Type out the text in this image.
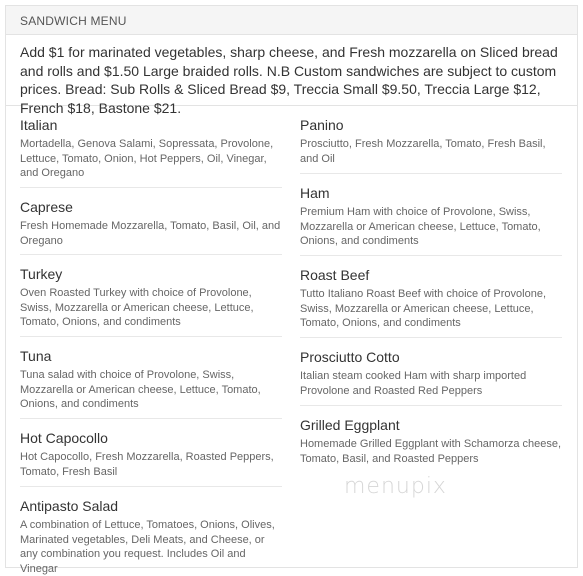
SANDWICH MENU
Add $1 for marinated vegetables, sharp cheese, and Fresh mozzarella on Sliced bread and rolls and $1.50 Large braided rolls. N.B Custom sandwiches are subject to custom prices. Bread: Sub Rolls & Sliced Bread $9, Treccia Small $9.50, Treccia Large $12, French $18, Bastone $21.
Italian
Mortadella, Genova Salami, Sopressata, Provolone, Lettuce, Tomato, Onion, Hot Peppers, Oil, Vinegar, and Oregano
Caprese
Fresh Homemade Mozzarella, Tomato, Basil, Oil, and Oregano
Turkey
Oven Roasted Turkey with choice of Provolone, Swiss, Mozzarella or American cheese, Lettuce, Tomato, Onions, and condiments
Tuna
Tuna salad with choice of Provolone, Swiss, Mozzarella or American cheese, Lettuce, Tomato, Onions, and condiments
Hot Capocollo
Hot Capocollo, Fresh Mozzarella, Roasted Peppers, Tomato, Fresh Basil
Antipasto Salad
A combination of Lettuce, Tomatoes, Onions, Olives, Marinated vegetables, Deli Meats, and Cheese, or any combination you request. Includes Oil and Vinegar
Panino
Prosciutto, Fresh Mozzarella, Tomato, Fresh Basil, and Oil
Ham
Premium Ham with choice of Provolone, Swiss, Mozzarella or American cheese, Lettuce, Tomato, Onions, and condiments
Roast Beef
Tutto Italiano Roast Beef with choice of Provolone, Swiss, Mozzarella or American cheese, Lettuce, Tomato, Onions, and condiments
Prosciutto Cotto
Italian steam cooked Ham with sharp imported Provolone and Roasted Red Peppers
Grilled Eggplant
Homemade Grilled Eggplant with Schamorza cheese, Tomato, Basil, and Roasted Peppers
menupix
